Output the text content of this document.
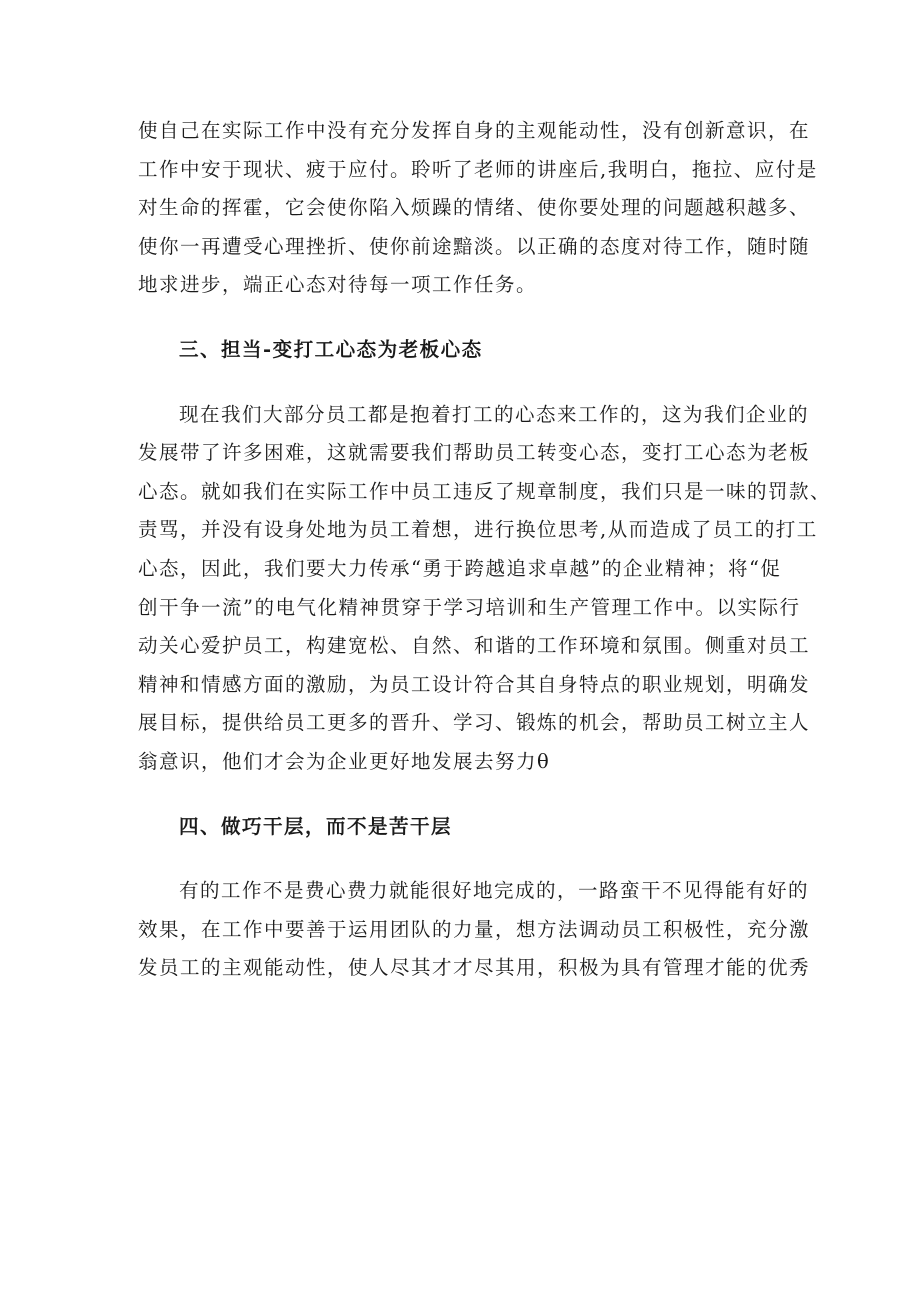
使自己在实际工作中没有充分发挥自身的主观能动性，没有创新意识，在
工作中安于现状、疲于应付。聆听了老师的讲座后,我明白，拖拉、应付是
对生命的挥霍，它会使你陷入烦躁的情绪、使你要处理的问题越积越多、
使你一再遭受心理挫折、使你前途黯淡。以正确的态度对待工作，随时随
地求进步，端正心态对待每一项工作任务。

三、担当-变打工心态为老板心态

现在我们大部分员工都是抱着打工的心态来工作的，这为我们企业的
发展带了许多困难，这就需要我们帮助员工转变心态，变打工心态为老板
心态。就如我们在实际工作中员工违反了规章制度，我们只是一味的罚款、
责骂，并没有设身处地为员工着想，进行换位思考,从而造成了员工的打工
心态，因此，我们要大力传承“勇于跨越追求卓越”的企业精神；将“促
创干争一流”的电气化精神贯穿于学习培训和生产管理工作中。以实际行
动关心爱护员工，构建宽松、自然、和谐的工作环境和氛围。侧重对员工
精神和情感方面的激励，为员工设计符合其自身特点的职业规划，明确发
展目标，提供给员工更多的晋升、学习、锻炼的机会，帮助员工树立主人
翁意识，他们才会为企业更好地发展去努力θ

四、做巧干层，而不是苦干层

有的工作不是费心费力就能很好地完成的，一路蛮干不见得能有好的
效果，在工作中要善于运用团队的力量，想方法调动员工积极性，充分激
发员工的主观能动性，使人尽其才才尽其用，积极为具有管理才能的优秀
